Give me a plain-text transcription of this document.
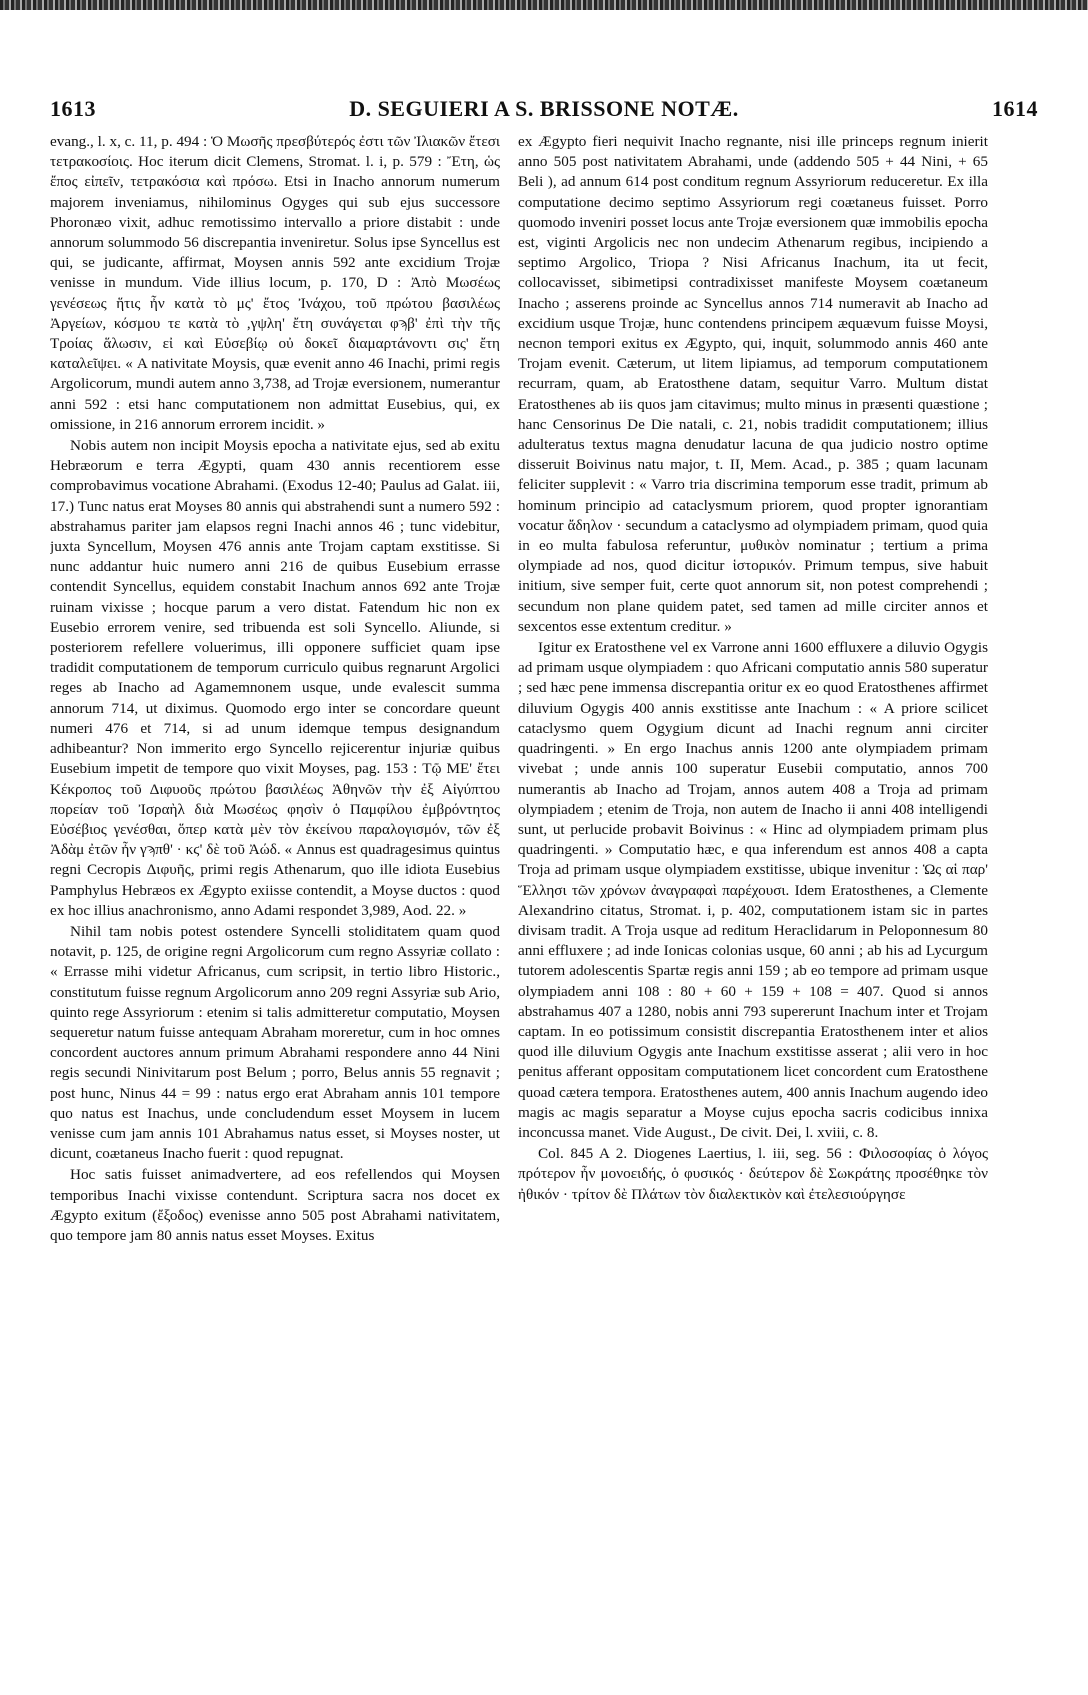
1613	D. SEGUIERI A S. BRISSONE NOTÆ.	1614

evang., l. x, c. 11, p. 494 : Ὁ Μωσῆς πρεσβύτερός ἐστι τῶν Ἰλιακῶν ἔτεσι τετρακοσίοις. Hoc iterum dicit Clemens, Stromat. l. i, p. 579 : Ἔτη, ὡς ἔπος εἰπεῖν, τετρακόσια καὶ πρόσω. Etsi in Inacho annorum numerum majorem inveniamus, nihilominus Ogyges qui sub ejus successore Phoronæo vixit, adhuc remotissimo intervallo a priore distabit : unde annorum solummodo 56 discrepantia inveniretur. Solus ipse Syncellus est qui, se judicante, affirmat, Moysen annis 592 ante excidium Trojæ venisse in mundum. Vide illius locum, p. 170, D : Ἀπὸ Μωσέως γενέσεως ἥτις ἦν κατὰ τὸ μς' ἔτος Ἰνάχου, τοῦ πρώτου βασιλέως Ἀργείων, κόσμου τε κατὰ τὸ ,γψλη' ἔτη συνάγεται φϡβ' ἐπὶ τὴν τῆς Τροίας ἅλωσιν, εἰ καὶ Εὐσεβίῳ οὐ δοκεῖ διαμαρτάνοντι σις' ἔτη καταλεῖψει. « A nativitate Moysis, quæ evenit anno 46 Inachi, primi regis Argolicorum, mundi autem anno 3,738, ad Trojæ eversionem, numerantur anni 592 : etsi hanc computationem non admittat Eusebius, qui, ex omissione, in 216 annorum errorem incidit. »

Nobis autem non incipit Moysis epocha a nativitate ejus, sed ab exitu Hebræorum e terra Ægypti, quam 430 annis recentiorem esse comprobavimus vocatione Abrahami. (Exodus 12-40; Paulus ad Galat. iii, 17.) Tunc natus erat Moyses 80 annis qui abstrahendi sunt a numero 592 : abstrahamus pariter jam elapsos regni Inachi annos 46 ; tunc videbitur, juxta Syncellum, Moysen 476 annis ante Trojam captam exstitisse. Si nunc addantur huic numero anni 216 de quibus Eusebium errasse contendit Syncellus, equidem constabit Inachum annos 692 ante Trojæ ruinam vixisse ; hocque parum a vero distat. Fatendum hic non ex Eusebio errorem venire, sed tribuenda est soli Syncello. Aliunde, si posteriorem refellere voluerimus, illi opponere sufficiet quam ipse tradidit computationem de temporum curriculo quibus regnarunt Argolici reges ab Inacho ad Agamemnonem usque, unde evalescit summa annorum 714, ut diximus. Quomodo ergo inter se concordare queunt numeri 476 et 714, si ad unum idemque tempus designandum adhibeantur? Non immerito ergo Syncello rejicerentur injuriæ quibus Eusebium impetit de tempore quo vixit Moyses, pag. 153 : Τῷ ΜΕ' ἔτει Κέκροπος τοῦ Διφυοῦς πρώτου βασιλέως Ἀθηνῶν τὴν ἐξ Αἰγύπτου πορείαν τοῦ Ἰσραὴλ διὰ Μωσέως φησὶν ὁ Παμφίλου ἐμβρόντητος Εὐσέβιος γενέσθαι, ὅπερ κατὰ μὲν τὸν ἐκείνου παραλογισμόν, τῶν ἐξ Ἀδὰμ ἐτῶν ἦν γϡπθ' · κϛ' δὲ τοῦ Ἀώδ. « Annus est quadragesimus quintus regni Cecropis Διφυῆς, primi regis Athenarum, quo ille idiota Eusebius Pamphylus Hebræos ex Ægypto exiisse contendit, a Moyse ductos : quod ex hoc illius anachronismo, anno Adami respondet 3,989, Aod. 22. »

Nihil tam nobis potest ostendere Syncelli stoliditatem quam quod notavit, p. 125, de origine regni Argolicorum cum regno Assyriæ collato : « Errasse mihi videtur Africanus, cum scripsit, in tertio libro Historic., constitutum fuisse regnum Argolicorum anno 209 regni Assyriæ sub Ario, quinto rege Assyriorum : etenim si talis admitteretur computatio, Moysen sequeretur natum fuisse antequam Abraham moreretur, cum in hoc omnes concordent auctores annum primum Abrahami respondere anno 44 Nini regis secundi Ninivitarum post Belum ; porro, Belus annis 55 regnavit ; post hunc, Ninus 44 = 99 : natus ergo erat Abraham annis 101 tempore quo natus est Inachus, unde concludendum esset Moysem in lucem venisse cum jam annis 101 Abrahamus natus esset, si Moyses noster, ut dicunt, coætaneus Inacho fuerit : quod repugnat.

Hoc satis fuisset animadvertere, ad eos refellendos qui Moysen temporibus Inachi vixisse contendunt. Scriptura sacra nos docet ex Ægypto exitum (ἔξοδος) evenisse anno 505 post Abrahami nativitatem, quo tempore jam 80 annis natus esset Moyses. Exitus

ex Ægypto fieri nequivit Inacho regnante, nisi ille princeps regnum inierit anno 505 post nativitatem Abrahami, unde (addendo 505 + 44 Nini, + 65 Beli ), ad annum 614 post conditum regnum Assyriorum reduceretur. Ex illa computatione decimo septimo Assyriorum regi coætaneus fuisset. Porro quomodo inveniri posset locus ante Trojæ eversionem quæ immobilis epocha est, viginti Argolicis nec non undecim Athenarum regibus, incipiendo a septimo Argolico, Triopa ? Nisi Africanus Inachum, ita ut fecit, collocavisset, sibimetipsi contradixisset manifeste Moysem coætaneum Inacho ; asserens proinde ac Syncellus annos 714 numeravit ab Inacho ad excidium usque Trojæ, hunc contendens principem æquævum fuisse Moysi, necnon tempori exitus ex Ægypto, qui, inquit, solummodo annis 460 ante Trojam evenit. Cæterum, ut litem lipiamus, ad temporum computationem recurram, quam, ab Eratosthene datam, sequitur Varro. Multum distat Eratosthenes ab iis quos jam citavimus; multo minus in præsenti quæstione ; hanc Censorinus De Die natali, c. 21, nobis tradidit computationem; illius adulteratus textus magna denudatur lacuna de qua judicio nostro optime disseruit Boivinus natu major, t. II, Mem. Acad., p. 385 ; quam lacunam feliciter supplevit : « Varro tria discrimina temporum esse tradit, primum ab hominum principio ad cataclysmum priorem, quod propter ignorantiam vocatur ἄδηλον · secundum a cataclysmo ad olympiadem primam, quod quia in eo multa fabulosa referuntur, μυθικὸν nominatur ; tertium a prima olympiade ad nos, quod dicitur ἱστορικόν. Primum tempus, sive habuit initium, sive semper fuit, certe quot annorum sit, non potest comprehendi ; secundum non plane quidem patet, sed tamen ad mille circiter annos et sexcentos esse extentum creditur. »

Igitur ex Eratosthene vel ex Varrone anni 1600 effluxere a diluvio Ogygis ad primam usque olympiadem : quo Africani computatio annis 580 superatur ; sed hæc pene immensa discrepantia oritur ex eo quod Eratosthenes affirmet diluvium Ogygis 400 annis exstitisse ante Inachum : « A priore scilicet cataclysmo quem Ogygium dicunt ad Inachi regnum anni circiter quadringenti. » En ergo Inachus annis 1200 ante olympiadem primam vivebat ; unde annis 100 superatur Eusebii computatio, annos 700 numerantis ab Inacho ad Trojam, annos autem 408 a Troja ad primam olympiadem ; etenim de Troja, non autem de Inacho ii anni 408 intelligendi sunt, ut perlucide probavit Boivinus : « Hinc ad olympiadem primam plus quadringenti. » Computatio hæc, e qua inferendum est annos 408 a capta Troja ad primam usque olympiadem exstitisse, ubique invenitur : Ὡς αἱ παρ' Ἕλλησι τῶν χρόνων ἀναγραφαὶ παρέχουσι. Idem Eratosthenes, a Clemente Alexandrino citatus, Stromat. i, p. 402, computationem istam sic in partes divisam tradit. A Troja usque ad reditum Heraclidarum in Peloponnesum 80 anni effluxere ; ad inde Ionicas colonias usque, 60 anni ; ab his ad Lycurgum tutorem adolescentis Spartæ regis anni 159 ; ab eo tempore ad primam usque olympiadem anni 108 : 80 + 60 + 159 + 108 = 407. Quod si annos abstrahamus 407 a 1280, nobis anni 793 supererunt Inachum inter et Trojam captam. In eo potissimum consistit discrepantia Eratosthenem inter et alios quod ille diluvium Ogygis ante Inachum exstitisse asserat ; alii vero in hoc penitus afferant oppositam computationem licet concordent cum Eratosthene quoad cætera tempora. Eratosthenes autem, 400 annis Inachum augendo ideo magis ac magis separatur a Moyse cujus epocha sacris codicibus innixa inconcussa manet. Vide August., De civit. Dei, l. xviii, c. 8.

Col. 845 A 2. Diogenes Laertius, l. iii, seg. 56 : Φιλοσοφίας ὁ λόγος πρότερον ἦν μονοειδής, ὁ φυσικός · δεύτερον δὲ Σωκράτης προσέθηκε τὸν ἠθικόν · τρίτον δὲ Πλάτων τὸν διαλεκτικὸν καὶ ἐτελεσιούργησε
